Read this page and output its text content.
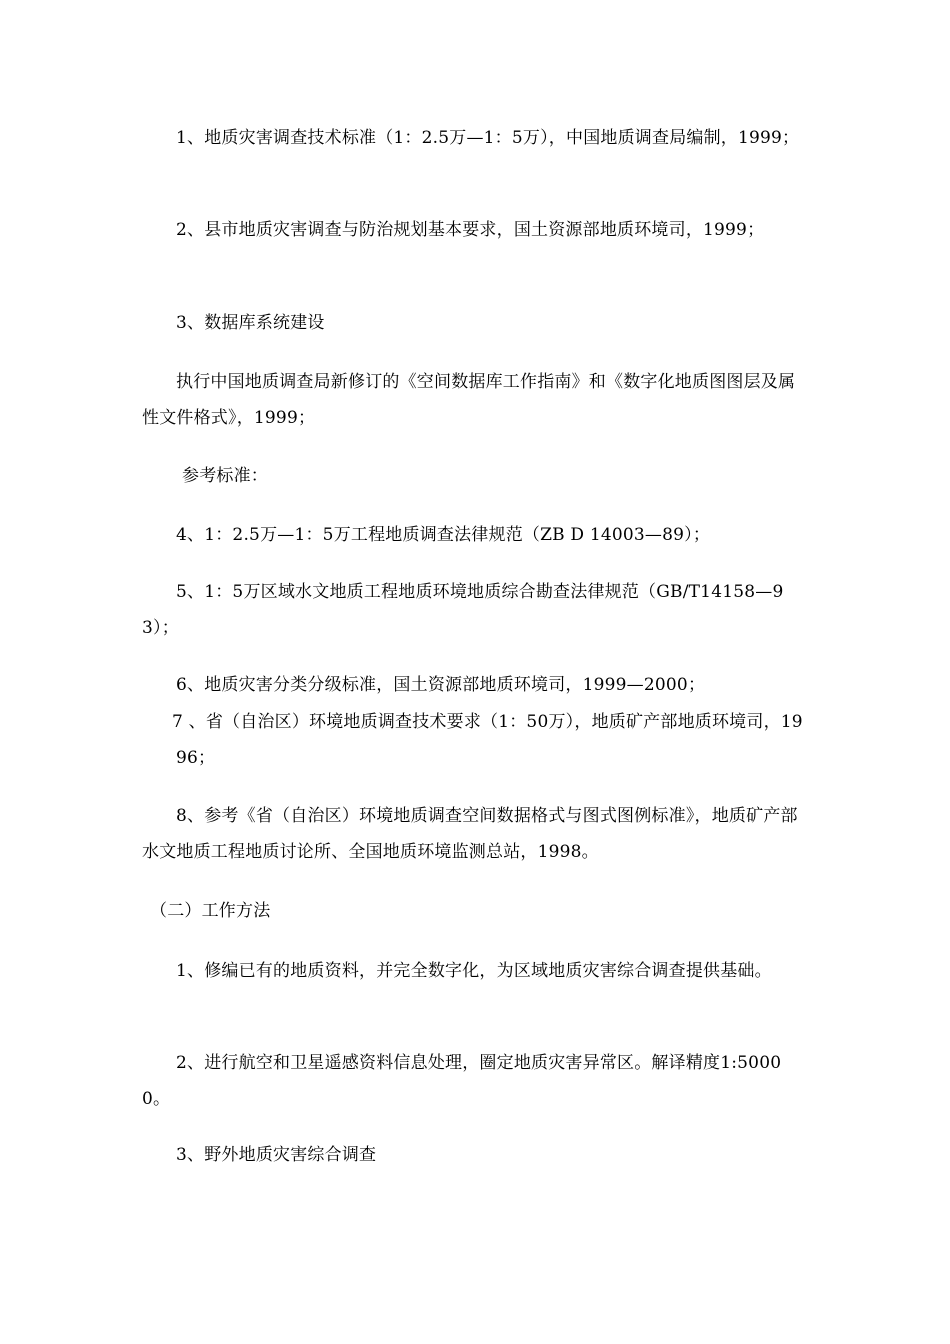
1、地质灾害调查技术标准（1：2.5万—1：5万），中国地质调查局编制，1999；

2、县市地质灾害调查与防治规划基本要求，国土资源部地质环境司，1999；

3、数据库系统建设

执行中国地质调查局新修订的《空间数据库工作指南》和《数字化地质图图层及属性文件格式》，1999；

参考标准：

4、1：2.5万—1：5万工程地质调查法律规范（ZB D 14003—89）；

5、1：5万区域水文地质工程地质环境地质综合勘查法律规范（GB/T14158—93）；

6、地质灾害分类分级标准，国土资源部地质环境司，1999—2000；

7 、省（自治区）环境地质调查技术要求（1：50万），地质矿产部地质环境司，1996；

8、参考《省（自治区）环境地质调查空间数据格式与图式图例标准》，地质矿产部水文地质工程地质讨论所、全国地质环境监测总站，1998。

（二）工作方法

1、修编已有的地质资料，并完全数字化，为区域地质灾害综合调查提供基础。

2、进行航空和卫星遥感资料信息处理，圈定地质灾害异常区。解译精度1:50000。

3、野外地质灾害综合调查
